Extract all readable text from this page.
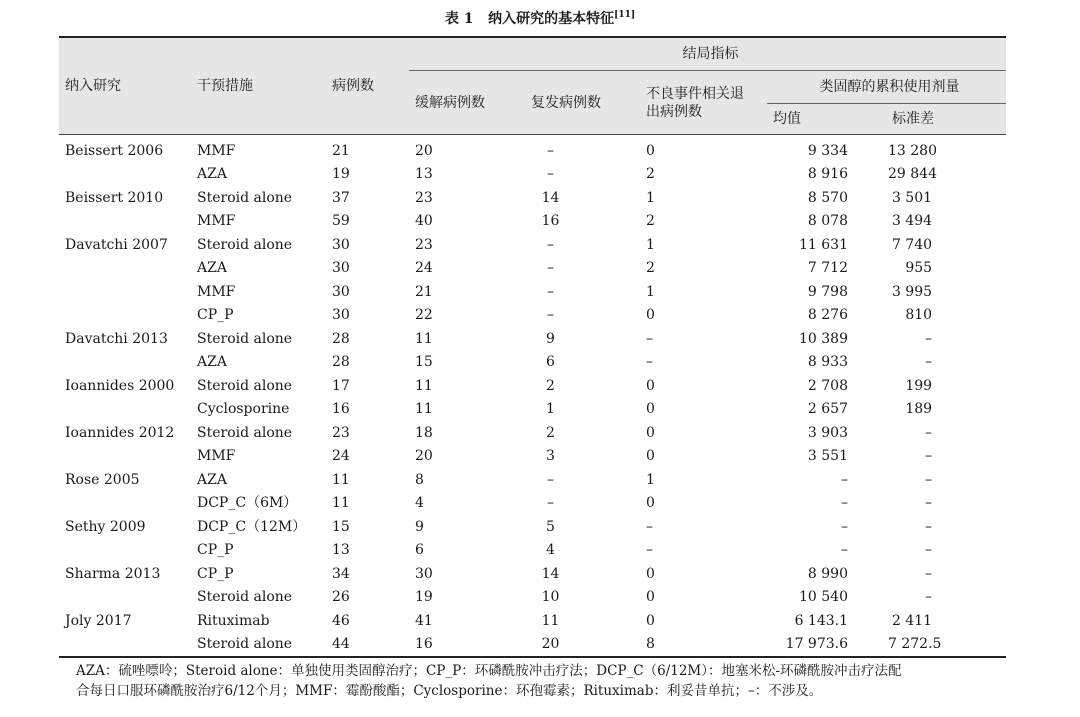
表 1 纳入研究的基本特征[11]
纳入研究	干预措施	病例数	结局指标				
			缓解病例数	复发病例数	不良事件相关退出病例数	类固醇的累积使用剂量	
						均值	标准差
Beissert 2006	MMF	21	20	–	0	9 334	13 280
	AZA	19	13	–	2	8 916	29 844
Beissert 2010	Steroid alone	37	23	14	1	8 570	3 501
	MMF	59	40	16	2	8 078	3 494
Davatchi 2007	Steroid alone	30	23	–	1	11 631	7 740
	AZA	30	24	–	2	7 712	955
	MMF	30	21	–	1	9 798	3 995
	CP_P	30	22	–	0	8 276	810
Davatchi 2013	Steroid alone	28	11	9	–	10 389	–
	AZA	28	15	6	–	8 933	–
Ioannides 2000	Steroid alone	17	11	2	0	2 708	199
	Cyclosporine	16	11	1	0	2 657	189
Ioannides 2012	Steroid alone	23	18	2	0	3 903	–
	MMF	24	20	3	0	3 551	–
Rose 2005	AZA	11	8	–	1	–	–
	DCP_C（6M）	11	4	–	0	–	–
Sethy 2009	DCP_C（12M）	15	9	5	–	–	–
	CP_P	13	6	4	–	–	–
Sharma 2013	CP_P	34	30	14	0	8 990	–
	Steroid alone	26	19	10	0	10 540	–
Joly 2017	Rituximab	46	41	11	0	6 143.1	2 411
	Steroid alone	44	16	20	8	17 973.6	7 272.5
AZA：硫唑嘌呤；Steroid alone：单独使用类固醇治疗；CP_P：环磷酰胺冲击疗法；DCP_C（6/12M）：地塞米松-环磷酰胺冲击疗法配
合每日口服环磷酰胺治疗6/12个月；MMF：霉酚酸酯；Cyclosporine：环孢霉素；Rituximab：利妥昔单抗；–：不涉及。
